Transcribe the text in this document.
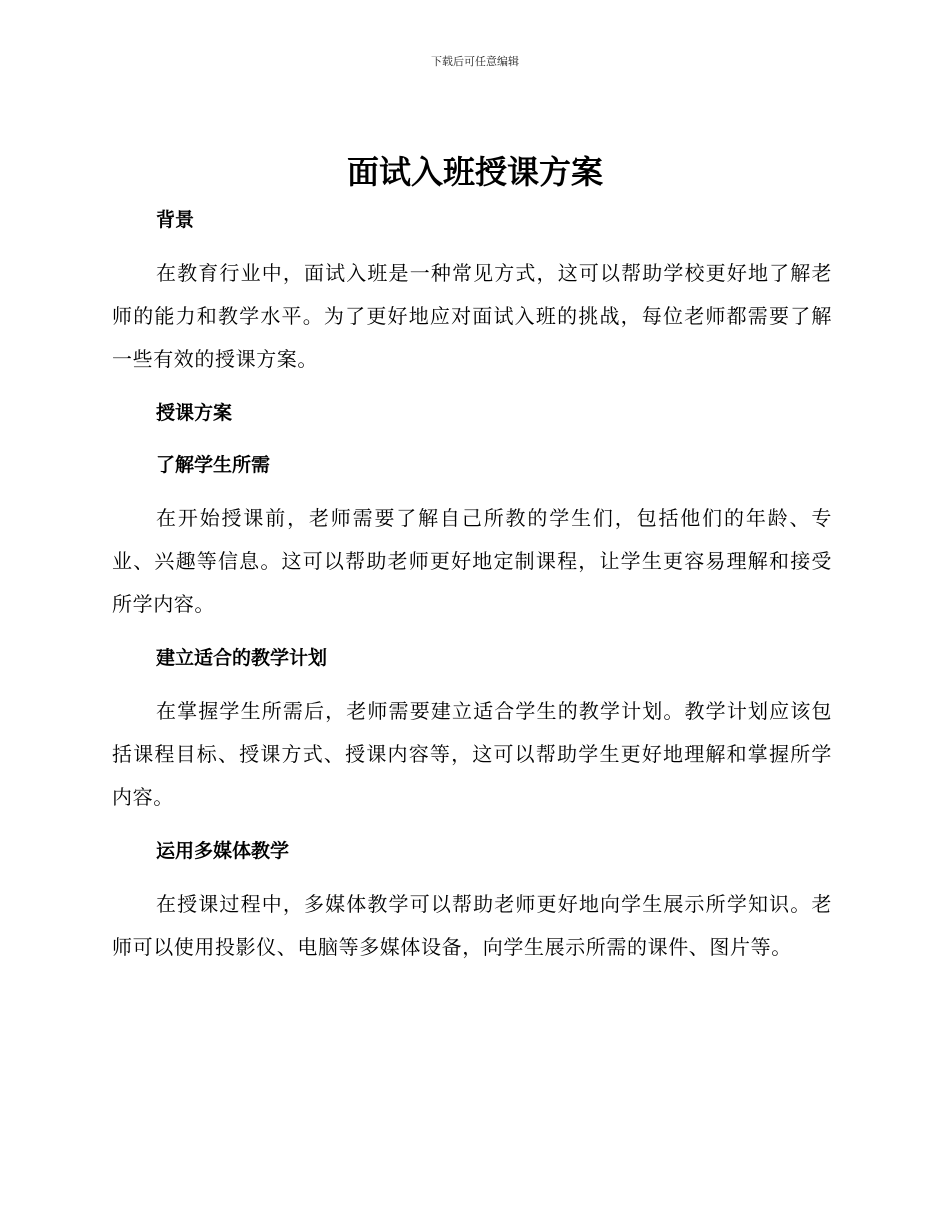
下载后可任意编辑
面试入班授课方案
背景

在教育行业中，面试入班是一种常见方式，这可以帮助学校更好地了解老师的能力和教学水平。为了更好地应对面试入班的挑战，每位老师都需要了解一些有效的授课方案。

授课方案
了解学生所需

在开始授课前，老师需要了解自己所教的学生们，包括他们的年龄、专业、兴趣等信息。这可以帮助老师更好地定制课程，让学生更容易理解和接受所学内容。

建立适合的教学计划

在掌握学生所需后，老师需要建立适合学生的教学计划。教学计划应该包括课程目标、授课方式、授课内容等，这可以帮助学生更好地理解和掌握所学内容。

运用多媒体教学

在授课过程中，多媒体教学可以帮助老师更好地向学生展示所学知识。老师可以使用投影仪、电脑等多媒体设备，向学生展示所需的课件、图片等。
